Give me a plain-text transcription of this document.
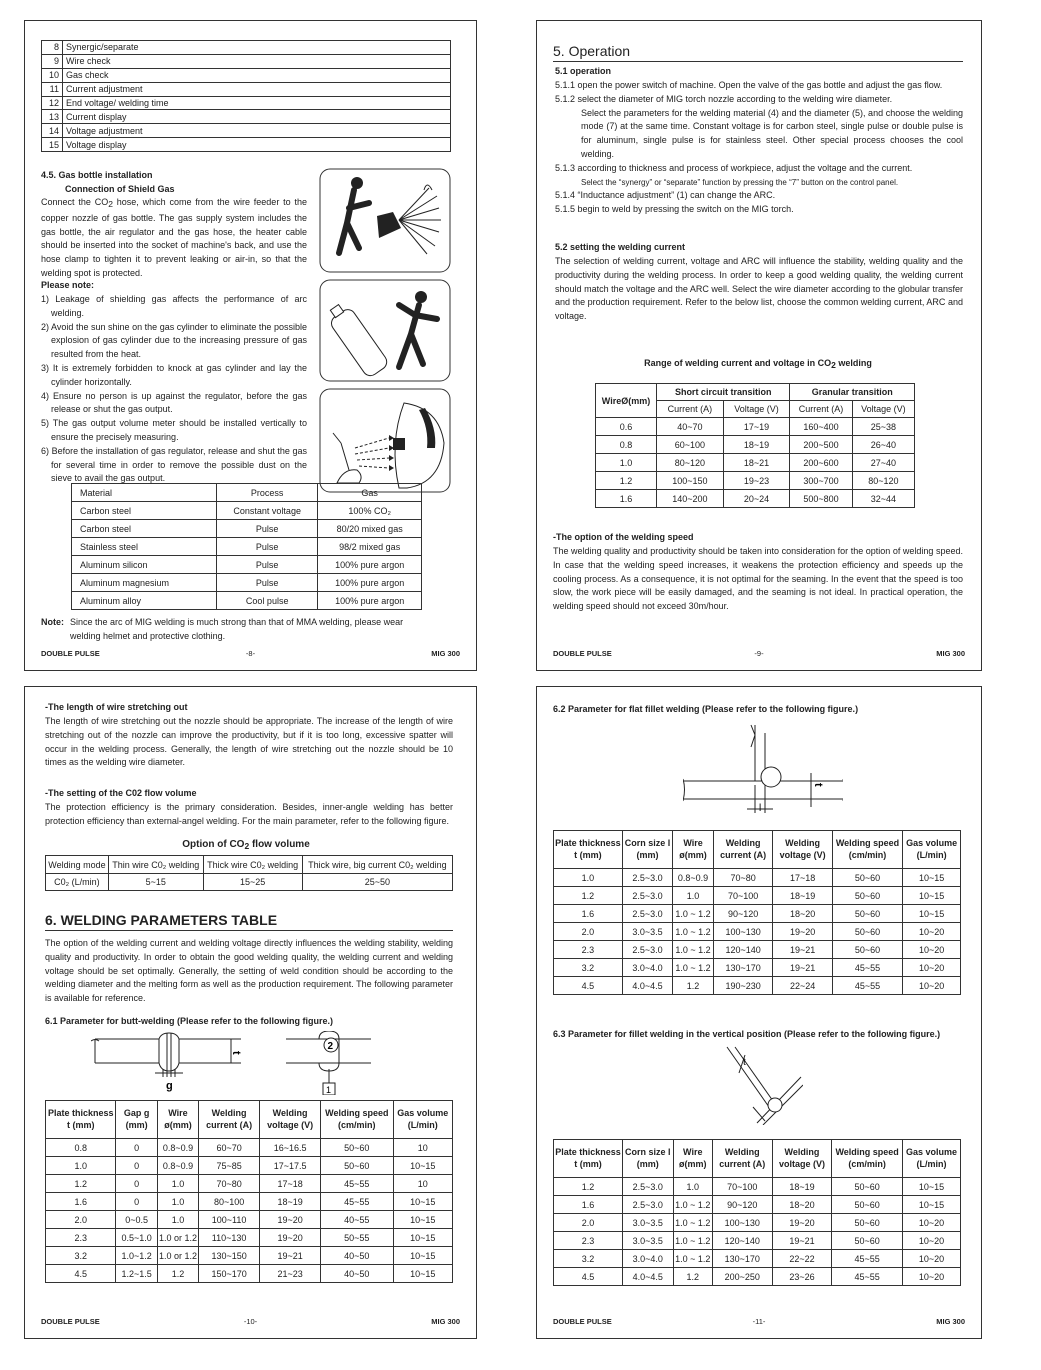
8	Synergic/separate
9	Wire check
10	Gas check
11	Current adjustment
12	End voltage/ welding time
13	Current display
14	Voltage adjustment
15	Voltage display
4.5. Gas bottle installation
Connection of Shield Gas
Connect the CO2 hose, which come from the wire feeder to the copper nozzle of gas bottle. The gas supply system includes the gas bottle, the air regulator and the gas hose, the heater cable should be inserted into the socket of machine's back, and use the hose clamp to tighten it to prevent leaking or air-in, so that the welding spot is protected.
Please note:
1) Leakage of shielding gas affects the performance of arc welding.
2) Avoid the sun shine on the gas cylinder to eliminate the possible explosion of gas cylinder due to the increasing pressure of gas resulted from the heat.
3) It is extremely forbidden to knock at gas cylinder and lay the cylinder horizontally.
4) Ensure no person is up against the regulator, before the gas release or shut the gas output.
5) The gas output volume meter should be installed vertically to ensure the precisely measuring.
6) Before the installation of gas regulator, release and shut the gas for several time in order to remove the possible dust on the sieve to avail the gas output.
Material	Process	Gas
Carbon steel	Constant voltage	100% CO₂
Carbon steel	Pulse	80/20 mixed gas
Stainless steel	Pulse	98/2 mixed gas
Aluminum silicon	Pulse	100% pure argon
Aluminum magnesium	Pulse	100% pure argon
Aluminum alloy	Cool pulse	100% pure argon
Note: Since the arc of MIG welding is much strong than that of MMA welding, please wear welding helmet and protective clothing.
DOUBLE PULSE	-8-	MIG 300
5. Operation
5.1 operation
5.1.1 open the power switch of machine. Open the valve of the gas bottle and adjust the gas flow.
5.1.2 select the diameter of MIG torch nozzle according to the welding wire diameter.
Select the parameters for the welding material (4) and the diameter (5), and choose the welding mode (7) at the same time. Constant voltage is for carbon steel, single pulse or double pulse is for aluminum, single pulse is for stainless steel. Other special process chooses the cool welding.
5.1.3 according to thickness and process of workpiece, adjust the voltage and the current.
Select the “synergy” or “separate” function by pressing the “7” button on the control panel.
5.1.4 “Inductance adjustment” (1) can change the ARC.
5.1.5 begin to weld by pressing the switch on the MIG torch.
5.2 setting the welding current
The selection of welding current, voltage and ARC will influence the stability, welding quality and the productivity during the welding process. In order to keep a good welding quality, the welding current should match the voltage and the ARC well. Select the wire diameter according to the globular transfer and the production requirement. Refer to the below list, choose the common welding current, ARC and voltage.
Range of welding current and voltage in CO2 welding
WireØ(mm)	Short circuit transition		Granular transition	
	Current (A)	Voltage (V)	Current (A)	Voltage (V)
0.6	40~70	17~19	160~400	25~38
0.8	60~100	18~19	200~500	26~40
1.0	80~120	18~21	200~600	27~40
1.2	100~150	19~23	300~700	80~120
1.6	140~200	20~24	500~800	32~44
-The option of the welding speed
The welding quality and productivity should be taken into consideration for the option of welding speed. In case that the welding speed increases, it weakens the protection efficiency and speeds up the cooling process. As a consequence, it is not optimal for the seaming. In the event that the speed is too slow, the work piece will be easily damaged, and the seaming is not ideal. In practical operation, the welding speed should not exceed 30m/hour.
DOUBLE PULSE	-9-	MIG 300
-The length of wire stretching out
The length of wire stretching out the nozzle should be appropriate. The increase of the length of wire stretching out of the nozzle can improve the productivity, but if it is too long, excessive spatter will occur in the welding process. Generally, the length of wire stretching out the nozzle should be 10 times as the welding wire diameter.
-The setting of the C02 flow volume
The protection efficiency is the primary consideration. Besides, inner-angle welding has better protection efficiency than external-angel welding. For the main parameter, refer to the following figure.
Option of $CO_2$ flow volume
Welding mode	Thin wire C0₂ welding	Thick wire C0₂ welding	Thick wire, big current C0₂ welding
C0₂ (L/min)	5~15	15~25	25~50
6. WELDING PARAMETERS TABLE
The option of the welding current and welding voltage directly influences the welding stability, welding quality and productivity. In order to obtain the good welding quality, the welding current and welding voltage should be set optimally. Generally, the setting of weld condition should be according to the welding diameter and the melting form as well as the production requirement. The following parameter is available for reference.
6.1 Parameter for butt-welding (Please refer to the following figure.)
2
1
t
g
Plate thickness t (mm)	Gap g (mm)	Wire ø(mm)	Welding current (A)	Welding voltage (V)	Welding speed (cm/min)	Gas volume (L/min)
0.8	0	0.8~0.9	60~70	16~16.5	50~60	10
1.0	0	0.8~0.9	75~85	17~17.5	50~60	10~15
1.2	0	1.0	70~80	17~18	45~55	10
1.6	0	1.0	80~100	18~19	45~55	10~15
2.0	0~0.5	1.0	100~110	19~20	40~55	10~15
2.3	0.5~1.0	1.0 or 1.2	110~130	19~20	50~55	10~15
3.2	1.0~1.2	1.0 or 1.2	130~150	19~21	40~50	10~15
4.5	1.2~1.5	1.2	150~170	21~23	40~50	10~15
DOUBLE PULSE	-10-	MIG 300
6.2 Parameter for flat fillet welding (Please refer to the following figure.)
t
l
Plate thickness t (mm)	Corn size l (mm)	Wire ø(mm)	Welding current (A)	Welding voltage (V)	Welding speed (cm/min)	Gas volume (L/min)
1.0	2.5~3.0	0.8~0.9	70~80	17~18	50~60	10~15
1.2	2.5~3.0	1.0	70~100	18~19	50~60	10~15
1.6	2.5~3.0	1.0 ~ 1.2	90~120	18~20	50~60	10~15
2.0	3.0~3.5	1.0 ~ 1.2	100~130	19~20	50~60	10~20
2.3	2.5~3.0	1.0 ~ 1.2	120~140	19~21	50~60	10~20
3.2	3.0~4.0	1.0 ~ 1.2	130~170	19~21	45~55	10~20
4.5	4.0~4.5	1.2	190~230	22~24	45~55	10~20
6.3 Parameter for fillet welding in the vertical position (Please refer to the following figure.)
t
Plate thickness t (mm)	Corn size l (mm)	Wire ø(mm)	Welding current (A)	Welding voltage (V)	Welding speed (cm/min)	Gas volume (L/min)
1.2	2.5~3.0	1.0	70~100	18~19	50~60	10~15
1.6	2.5~3.0	1.0 ~ 1.2	90~120	18~20	50~60	10~15
2.0	3.0~3.5	1.0 ~ 1.2	100~130	19~20	50~60	10~20
2.3	3.0~3.5	1.0 ~ 1.2	120~140	19~21	50~60	10~20
3.2	3.0~4.0	1.0 ~ 1.2	130~170	22~22	45~55	10~20
4.5	4.0~4.5	1.2	200~250	23~26	45~55	10~20
DOUBLE PULSE	-11-	MIG 300
